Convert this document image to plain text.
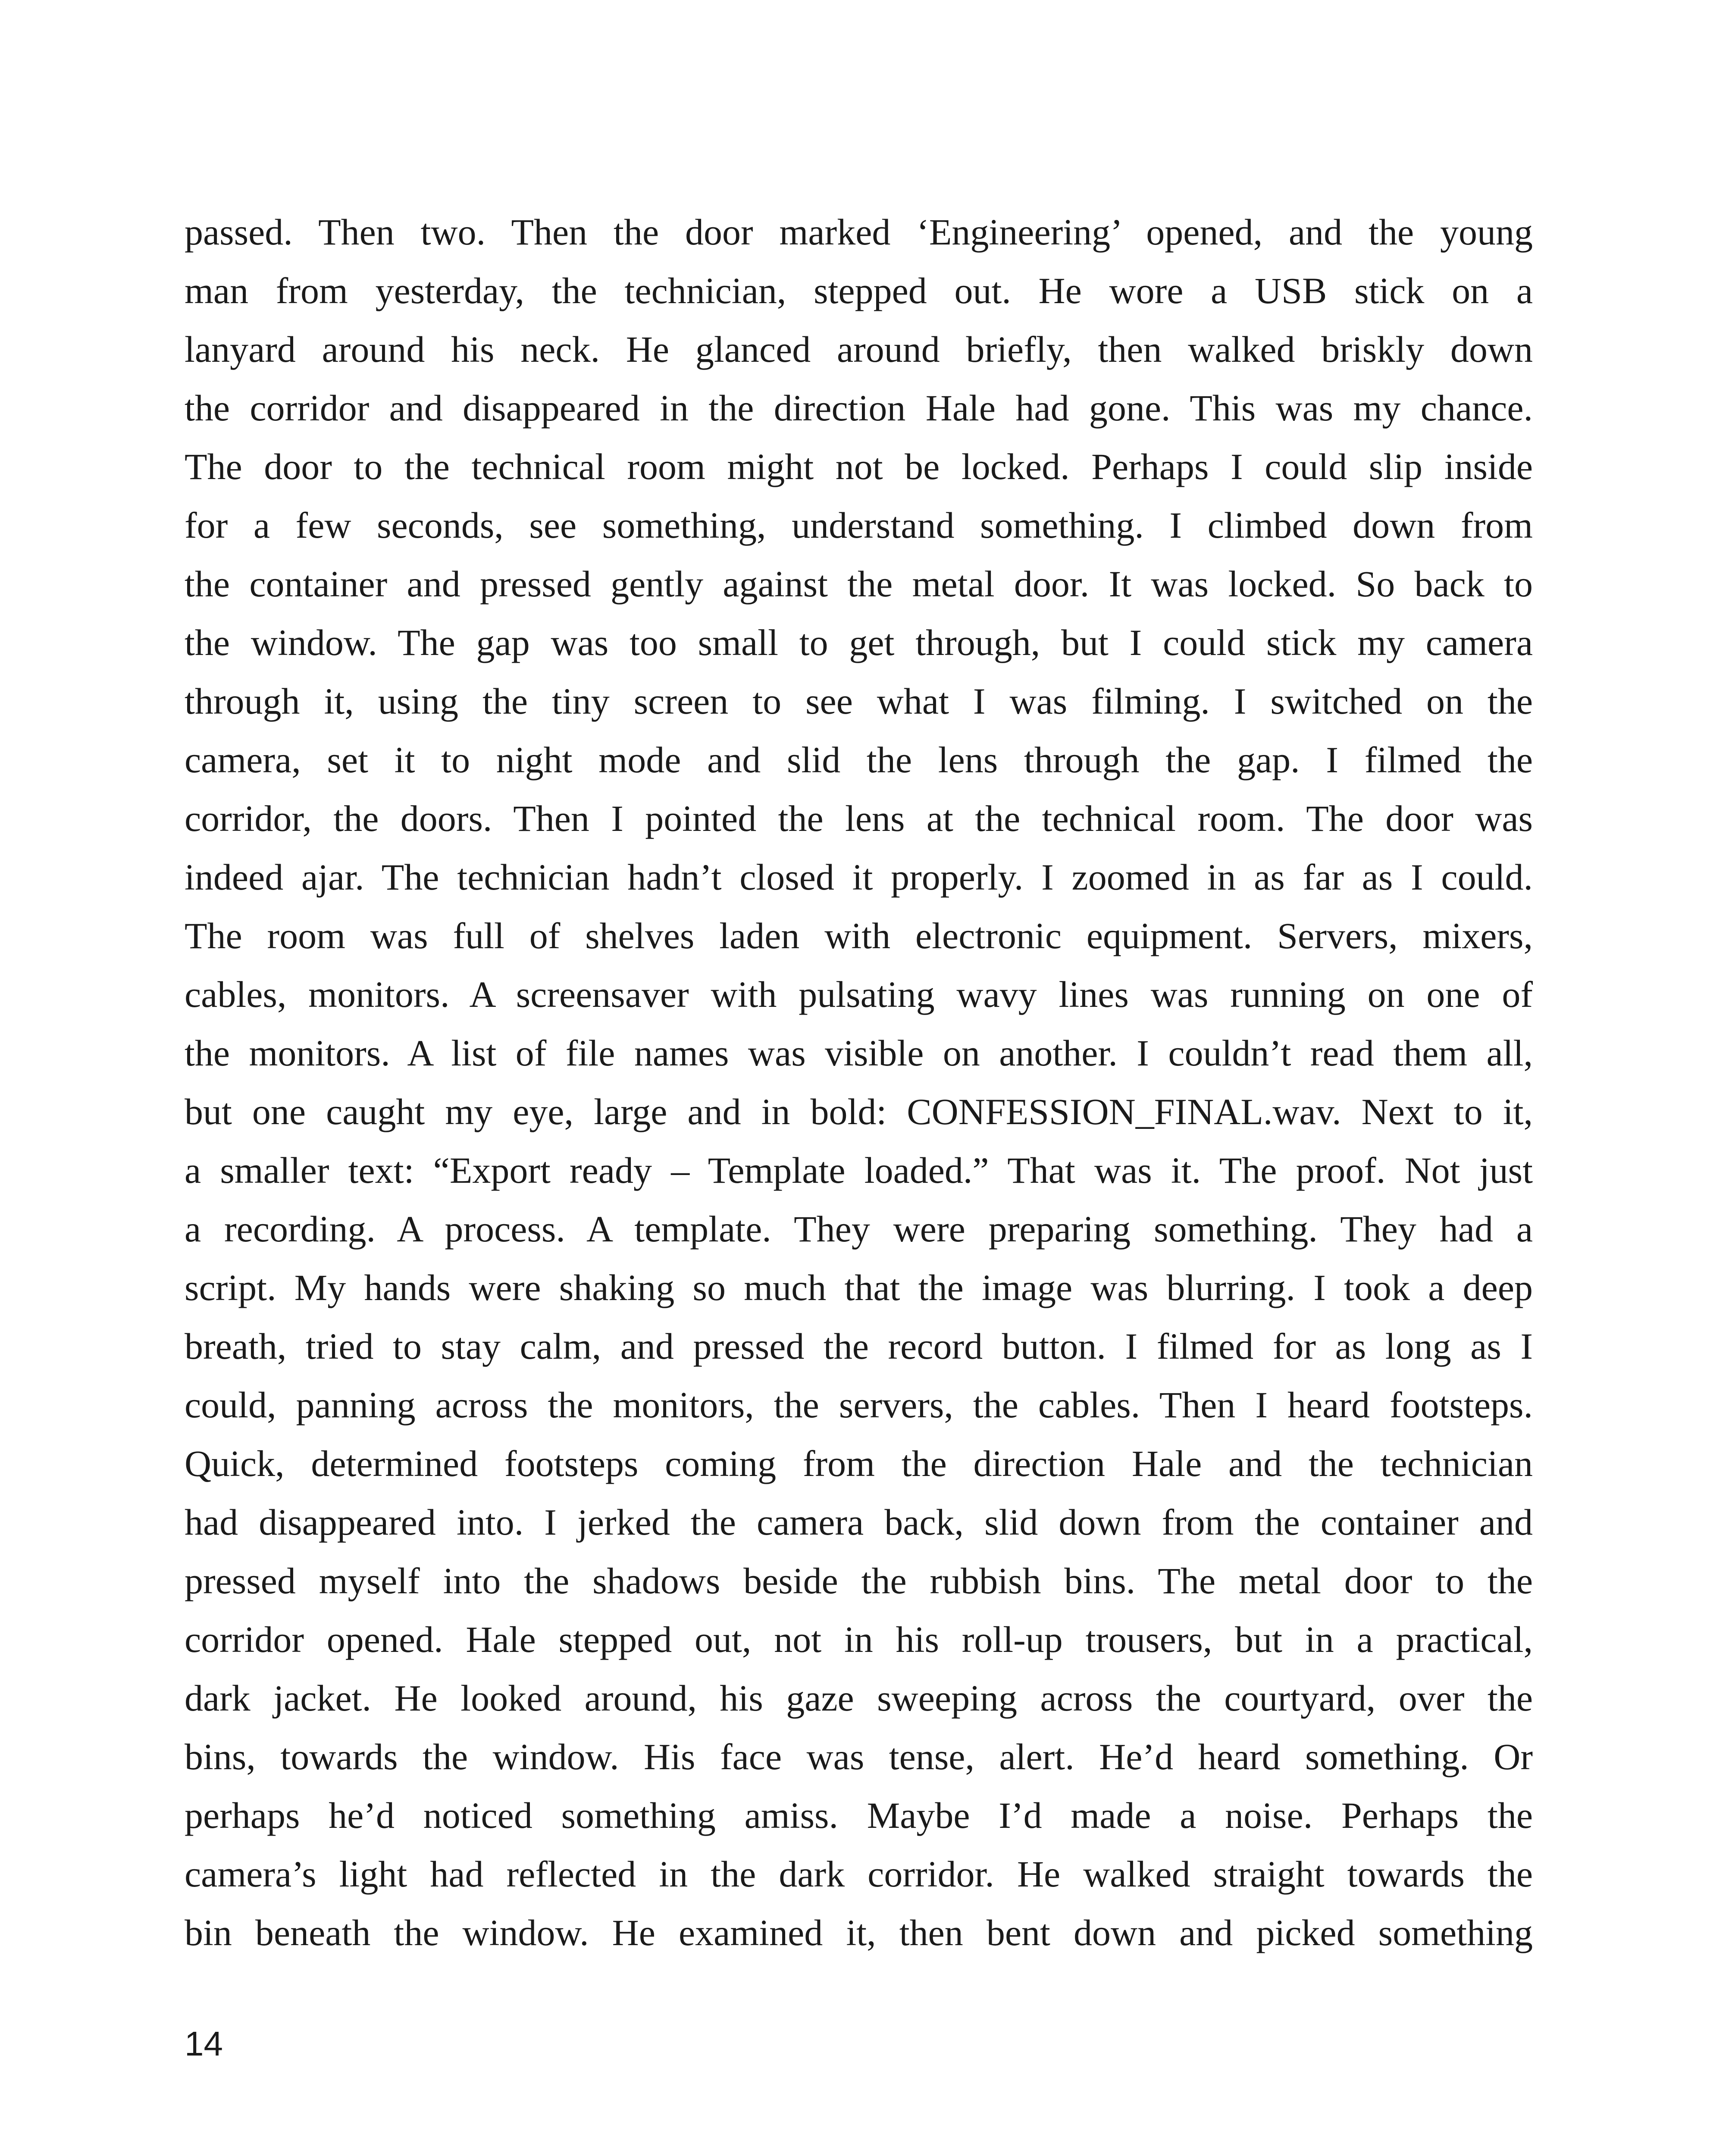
passed. Then two. Then the door marked ‘Engineering’ opened, and the young
man from yesterday, the technician, stepped out. He wore a USB stick on a
lanyard around his neck. He glanced around briefly, then walked briskly down
the corridor and disappeared in the direction Hale had gone. This was my chance.
The door to the technical room might not be locked. Perhaps I could slip inside
for a few seconds, see something, understand something. I climbed down from
the container and pressed gently against the metal door. It was locked. So back to
the window. The gap was too small to get through, but I could stick my camera
through it, using the tiny screen to see what I was filming. I switched on the
camera, set it to night mode and slid the lens through the gap. I filmed the
corridor, the doors. Then I pointed the lens at the technical room. The door was
indeed ajar. The technician hadn’t closed it properly. I zoomed in as far as I could.
The room was full of shelves laden with electronic equipment. Servers, mixers,
cables, monitors. A screensaver with pulsating wavy lines was running on one of
the monitors. A list of file names was visible on another. I couldn’t read them all,
but one caught my eye, large and in bold: CONFESSION_FINAL.wav. Next to it,
a smaller text: “Export ready – Template loaded.” That was it. The proof. Not just
a recording. A process. A template. They were preparing something. They had a
script. My hands were shaking so much that the image was blurring. I took a deep
breath, tried to stay calm, and pressed the record button. I filmed for as long as I
could, panning across the monitors, the servers, the cables. Then I heard footsteps.
Quick, determined footsteps coming from the direction Hale and the technician
had disappeared into. I jerked the camera back, slid down from the container and
pressed myself into the shadows beside the rubbish bins. The metal door to the
corridor opened. Hale stepped out, not in his roll-up trousers, but in a practical,
dark jacket. He looked around, his gaze sweeping across the courtyard, over the
bins, towards the window. His face was tense, alert. He’d heard something. Or
perhaps he’d noticed something amiss. Maybe I’d made a noise. Perhaps the
camera’s light had reflected in the dark corridor. He walked straight towards the
bin beneath the window. He examined it, then bent down and picked something
14
